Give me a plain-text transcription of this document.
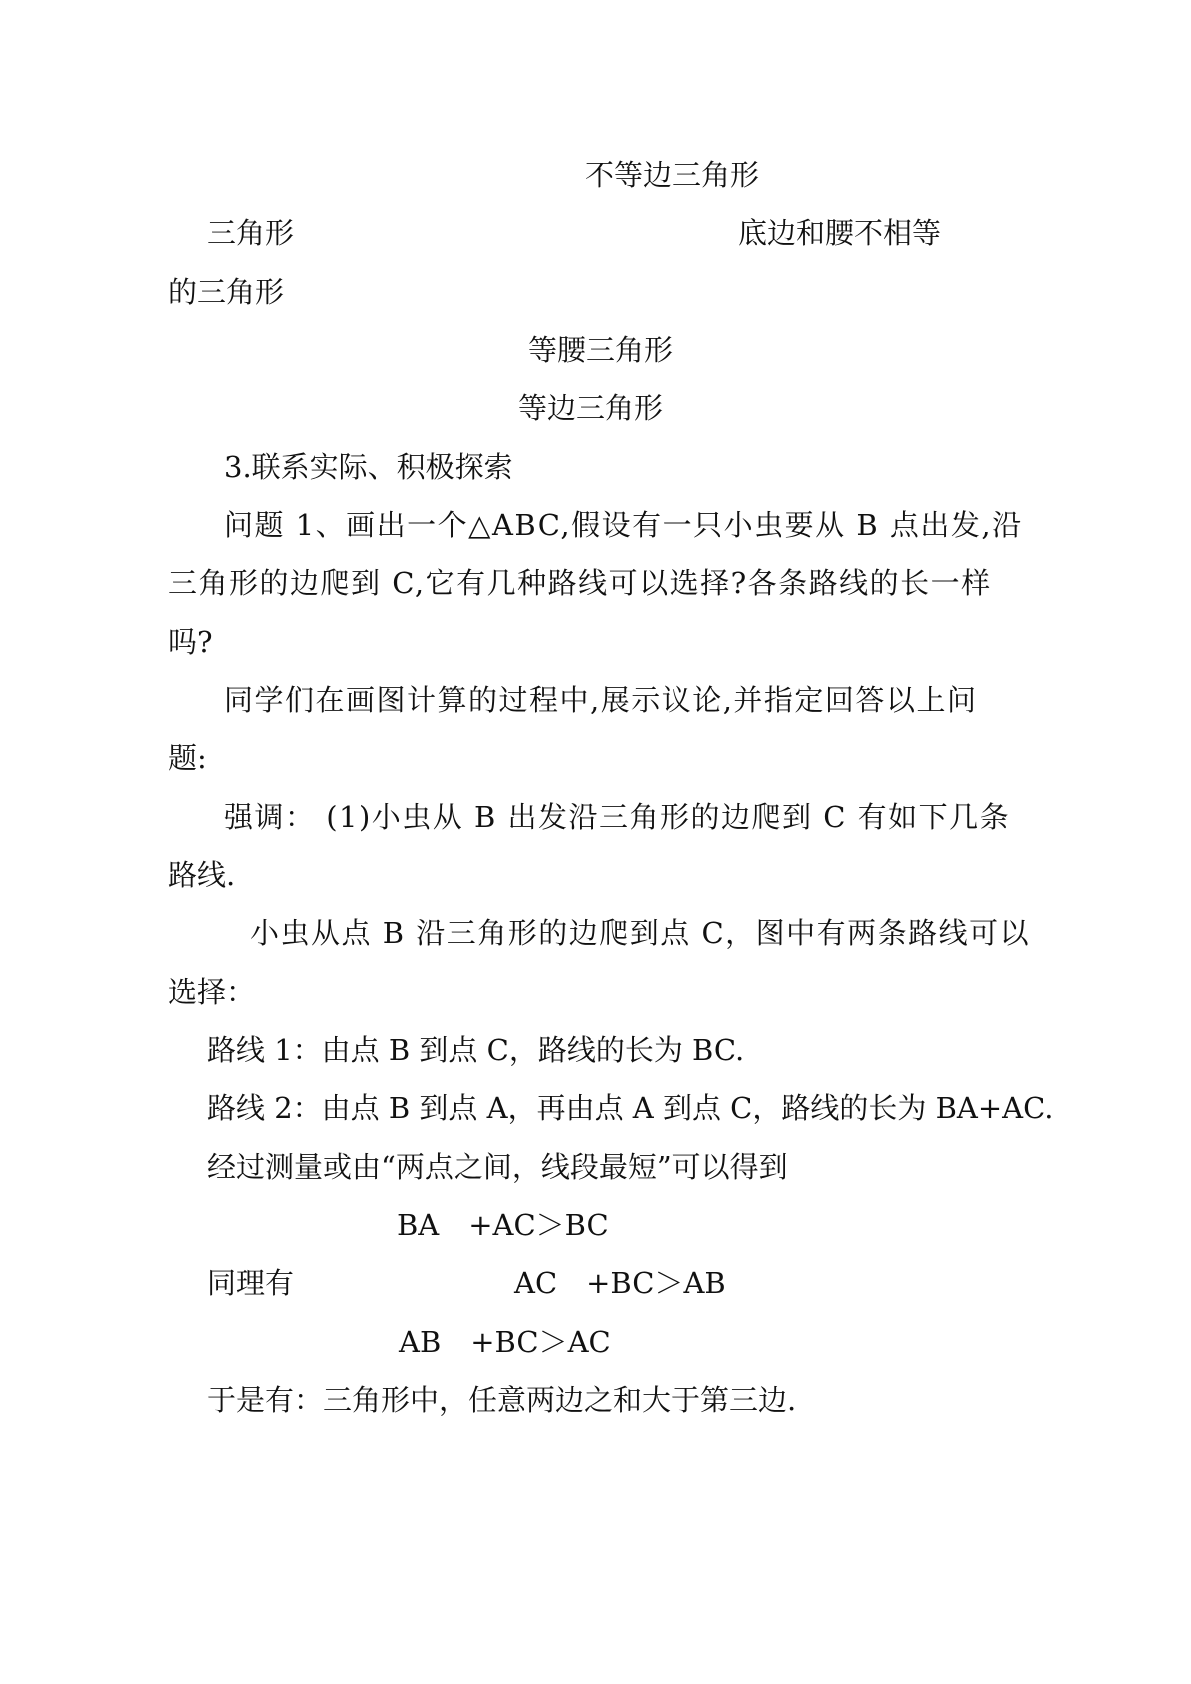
不等边三角形
三角形	底边和腰不相等
的三角形
等腰三角形
等边三角形
3.联系实际、积极探索
问题 1、画出一个△ABC,假设有一只小虫要从 B 点出发,沿
三角形的边爬到 C,它有几种路线可以选择?各条路线的长一样
吗?
同学们在画图计算的过程中,展示议论,并指定回答以上问
题:
强调： (1)小虫从 B 出发沿三角形的边爬到 C 有如下几条
路线.
小虫从点 B 沿三角形的边爬到点 C，图中有两条路线可以
选择：
路线 1：由点 B 到点 C，路线的长为 BC.
路线 2：由点 B 到点 A，再由点 A 到点 C，路线的长为 BA+AC.
经过测量或由“两点之间，线段最短”可以得到
BA　+AC＞BC
同理有	AC　+BC＞AB
AB　+BC＞AC
于是有：三角形中，任意两边之和大于第三边.
